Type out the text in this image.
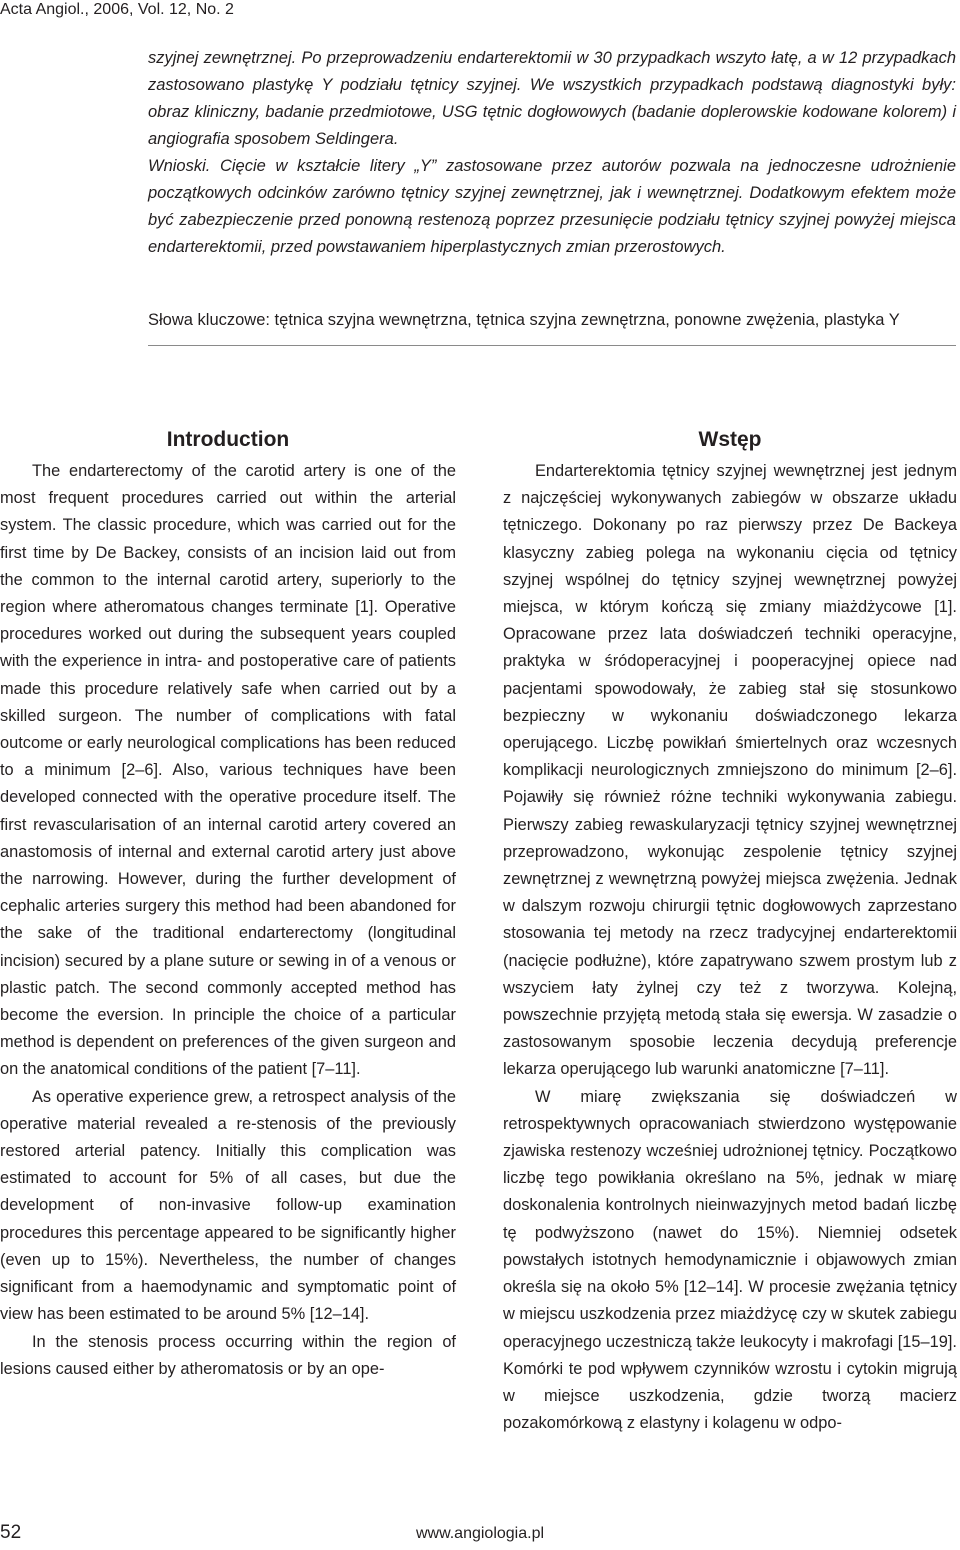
Acta Angiol., 2006, Vol. 12, No. 2

szyjnej zewnętrznej. Po przeprowadzeniu endarterektomii w 30 przypadkach wszyto łatę, a w 12 przypadkach zastosowano plastykę Y podziału tętnicy szyjnej. We wszystkich przypadkach podstawą diagnostyki były: obraz kliniczny, badanie przedmiotowe, USG tętnic dogłowowych (badanie doplerowskie kodowane kolorem) i angiografia sposobem Seldingera.

Wnioski. Cięcie w kształcie litery „Y” zastosowane przez autorów pozwala na jednoczesne udrożnienie początkowych odcinków zarówno tętnicy szyjnej zewnętrznej, jak i wewnętrznej. Dodatkowym efektem może być zabezpieczenie przed ponowną restenozą poprzez przesunięcie podziału tętnicy szyjnej powyżej miejsca endarterektomii, przed powstawaniem hiperplastycznych zmian przerostowych.

Słowa kluczowe: tętnica szyjna wewnętrzna, tętnica szyjna zewnętrzna, ponowne zwężenia, plastyka Y
Introduction

The endarterectomy of the carotid artery is one of the most frequent procedures carried out within the arterial system. The classic procedure, which was carried out for the first time by De Backey, consists of an incision laid out from the common to the internal carotid artery, superiorly to the region where atheromatous changes terminate [1]. Operative procedures worked out during the subsequent years coupled with the experience in intra- and postoperative care of patients made this procedure relatively safe when carried out by a skilled surgeon. The number of complications with fatal outcome or early neurological complications has been reduced to a minimum [2–6]. Also, various techniques have been developed connected with the operative procedure itself. The first revascularisation of an internal carotid artery covered an anastomosis of internal and external carotid artery just above the narrowing. However, during the further development of cephalic arteries surgery this method had been abandoned for the sake of the traditional endarterectomy (longitudinal incision) secured by a plane suture or sewing in of a venous or plastic patch. The second commonly accepted method has become the eversion. In principle the choice of a particular method is dependent on preferences of the given surgeon and on the anatomical conditions of the patient [7–11].

As operative experience grew, a retrospect analysis of the operative material revealed a re-stenosis of the previously restored arterial patency. Initially this complication was estimated to account for 5% of all cases, but due the development of non-invasive follow-up examination procedures this percentage appeared to be significantly higher (even up to 15%). Nevertheless, the number of changes significant from a haemodynamic and symptomatic point of view has been estimated to be around 5% [12–14].

In the stenosis process occurring within the region of lesions caused either by atheromatosis or by an ope-

Wstęp

Endarterektomia tętnicy szyjnej wewnętrznej jest jednym z najczęściej wykonywanych zabiegów w obszarze układu tętniczego. Dokonany po raz pierwszy przez De Backeya klasyczny zabieg polega na wykonaniu cięcia od tętnicy szyjnej wspólnej do tętnicy szyjnej wewnętrznej powyżej miejsca, w którym kończą się zmiany miażdżycowe [1]. Opracowane przez lata doświadczeń techniki operacyjne, praktyka w śródoperacyjnej i pooperacyjnej opiece nad pacjentami spowodowały, że zabieg stał się stosunkowo bezpieczny w wykonaniu doświadczonego lekarza operującego. Liczbę powikłań śmiertelnych oraz wczesnych komplikacji neurologicznych zmniejszono do minimum [2–6]. Pojawiły się również różne techniki wykonywania zabiegu. Pierwszy zabieg rewaskularyzacji tętnicy szyjnej wewnętrznej przeprowadzono, wykonując zespolenie tętnicy szyjnej zewnętrznej z wewnętrzną powyżej miejsca zwężenia. Jednak w dalszym rozwoju chirurgii tętnic dogłowowych zaprzestano stosowania tej metody na rzecz tradycyjnej endarterektomii (nacięcie podłużne), które zapatrywano szwem prostym lub z wszyciem łaty żylnej czy też z tworzywa. Kolejną, powszechnie przyjętą metodą stała się ewersja. W zasadzie o zastosowanym sposobie leczenia decydują preferencje lekarza operującego lub warunki anatomiczne [7–11].

W miarę zwiększania się doświadczeń w retrospektywnych opracowaniach stwierdzono występowanie zjawiska restenozy wcześniej udrożnionej tętnicy. Początkowo liczbę tego powikłania określano na 5%, jednak w miarę doskonalenia kontrolnych nieinwazyjnych metod badań liczbę tę podwyższono (nawet do 15%). Niemniej odsetek powstałych istotnych hemodynamicznie i objawowych zmian określa się na około 5% [12–14]. W procesie zwężania tętnicy w miejscu uszkodzenia przez miażdżycę czy w skutek zabiegu operacyjnego uczestniczą także leukocyty i makrofagi [15–19]. Komórki te pod wpływem czynników wzrostu i cytokin migrują w miejsce uszkodzenia, gdzie tworzą macierz pozakomórkową z elastyny i kolagenu w odpo-

52	www.angiologia.pl
